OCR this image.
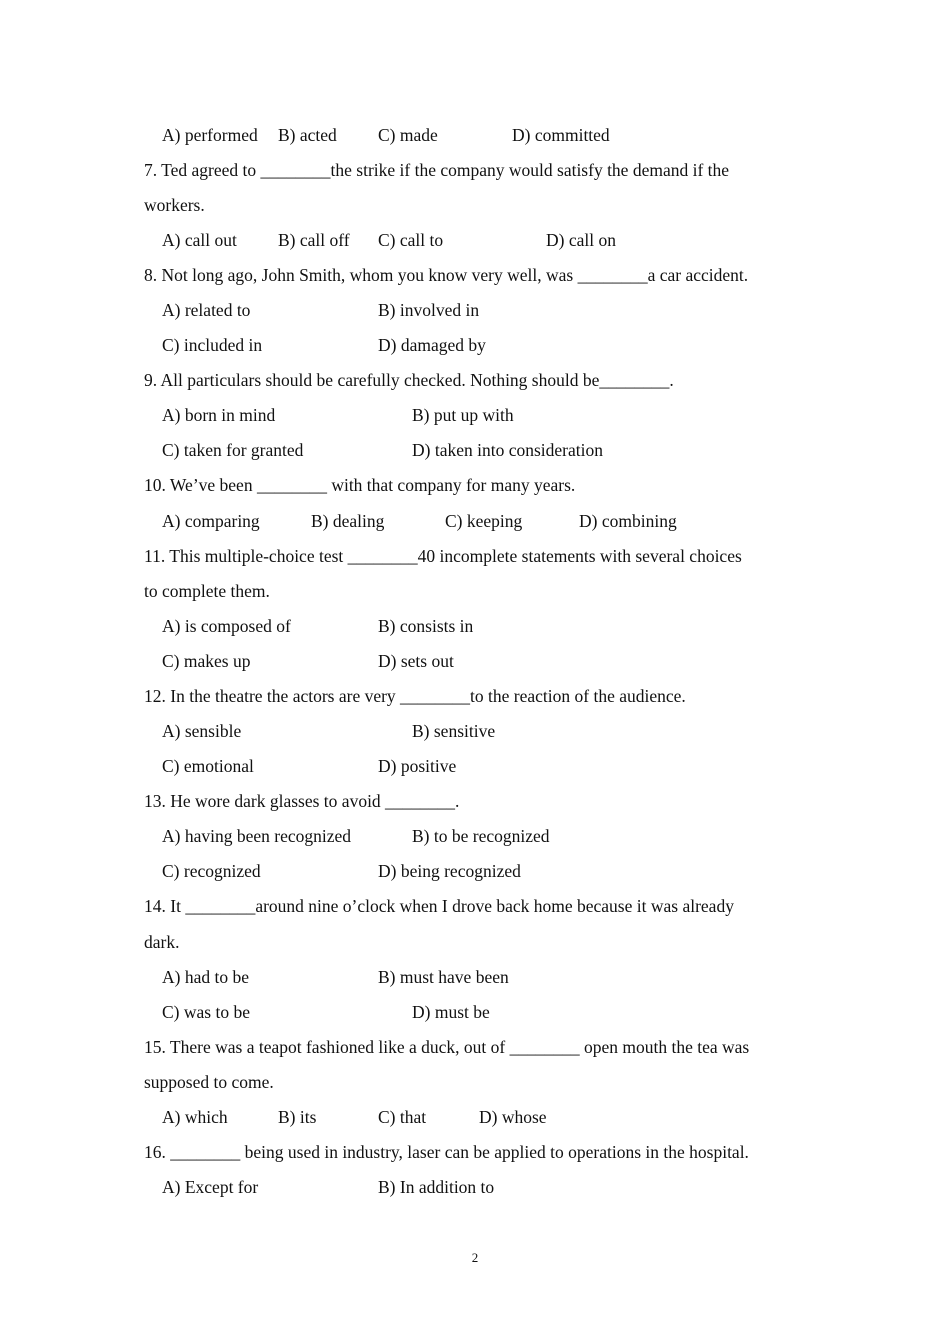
A) performed B) acted C) made	D) committed
7. Ted agreed to ________the strike if the company would satisfy the demand if the
workers.
A) call out B) call off C) call to	D) call on
8. Not long ago, John Smith, whom you know very well, was ________a car accident.
A) related to	B) involved in
C) included in	D) damaged by
9. All particulars should be carefully checked. Nothing should be________.
A) born in mind	B) put up with
C) taken for granted	D) taken into consideration
10. We’ve been ________ with that company for many years.
A) comparing	B) dealing	C) keeping	D) combining
11. This multiple-choice test ________40 incomplete statements with several choices
to complete them.
A) is composed of	B) consists in
C) makes up	D) sets out
12. In the theatre the actors are very ________to the reaction of the audience.
A) sensible	B) sensitive
C) emotional	D) positive
13. He wore dark glasses to avoid ________.
A) having been recognized	B) to be recognized
C) recognized	D) being recognized
14. It ________around nine o’clock when I drove back home because it was already
dark.
A) had to be	B) must have been
C) was to be	D) must be
15. There was a teapot fashioned like a duck, out of ________ open mouth the tea was
supposed to come.
A) which	B) its	C) that	D) whose
16. ________ being used in industry, laser can be applied to operations in the hospital.
A) Except for	B) In addition to
2
